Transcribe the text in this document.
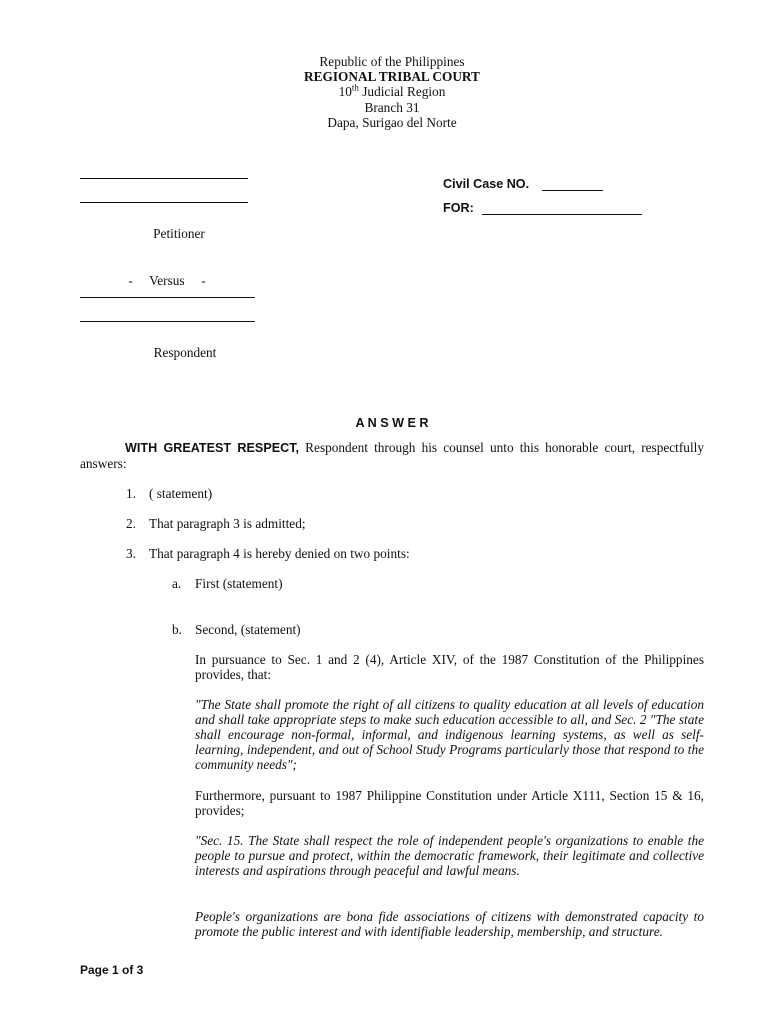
Republic of the Philippines
REGIONAL TRIBAL COURT
10th Judicial Region
Branch 31
Dapa, Surigao del Norte
Petitioner
-     Versus     -
Respondent
Civil Case NO.
FOR:
A N S W E R
WITH GREATEST RESPECT, Respondent through his counsel unto this honorable court, respectfully answers:
1. ( statement)
2. That paragraph 3 is admitted;
3. That paragraph 4 is hereby denied on two points:
a. First (statement)
b. Second, (statement)
In pursuance to Sec. 1 and 2 (4), Article XIV, of the 1987 Constitution of the Philippines provides, that:
"The State shall promote the right of all citizens to quality education at all levels of education and shall take appropriate steps to make such education accessible to all, and Sec. 2 "The state shall encourage non-formal, informal, and indigenous learning systems, as well as self-learning, independent, and out of School Study Programs particularly those that respond to the community needs";
Furthermore, pursuant to 1987 Philippine Constitution under Article X111, Section 15 & 16, provides;
"Sec. 15. The State shall respect the role of independent people's organizations to enable the people to pursue and protect, within the democratic framework, their legitimate and collective interests and aspirations through peaceful and lawful means.
People's organizations are bona fide associations of citizens with demonstrated capacity to promote the public interest and with identifiable leadership, membership, and structure.
Page 1 of 3
